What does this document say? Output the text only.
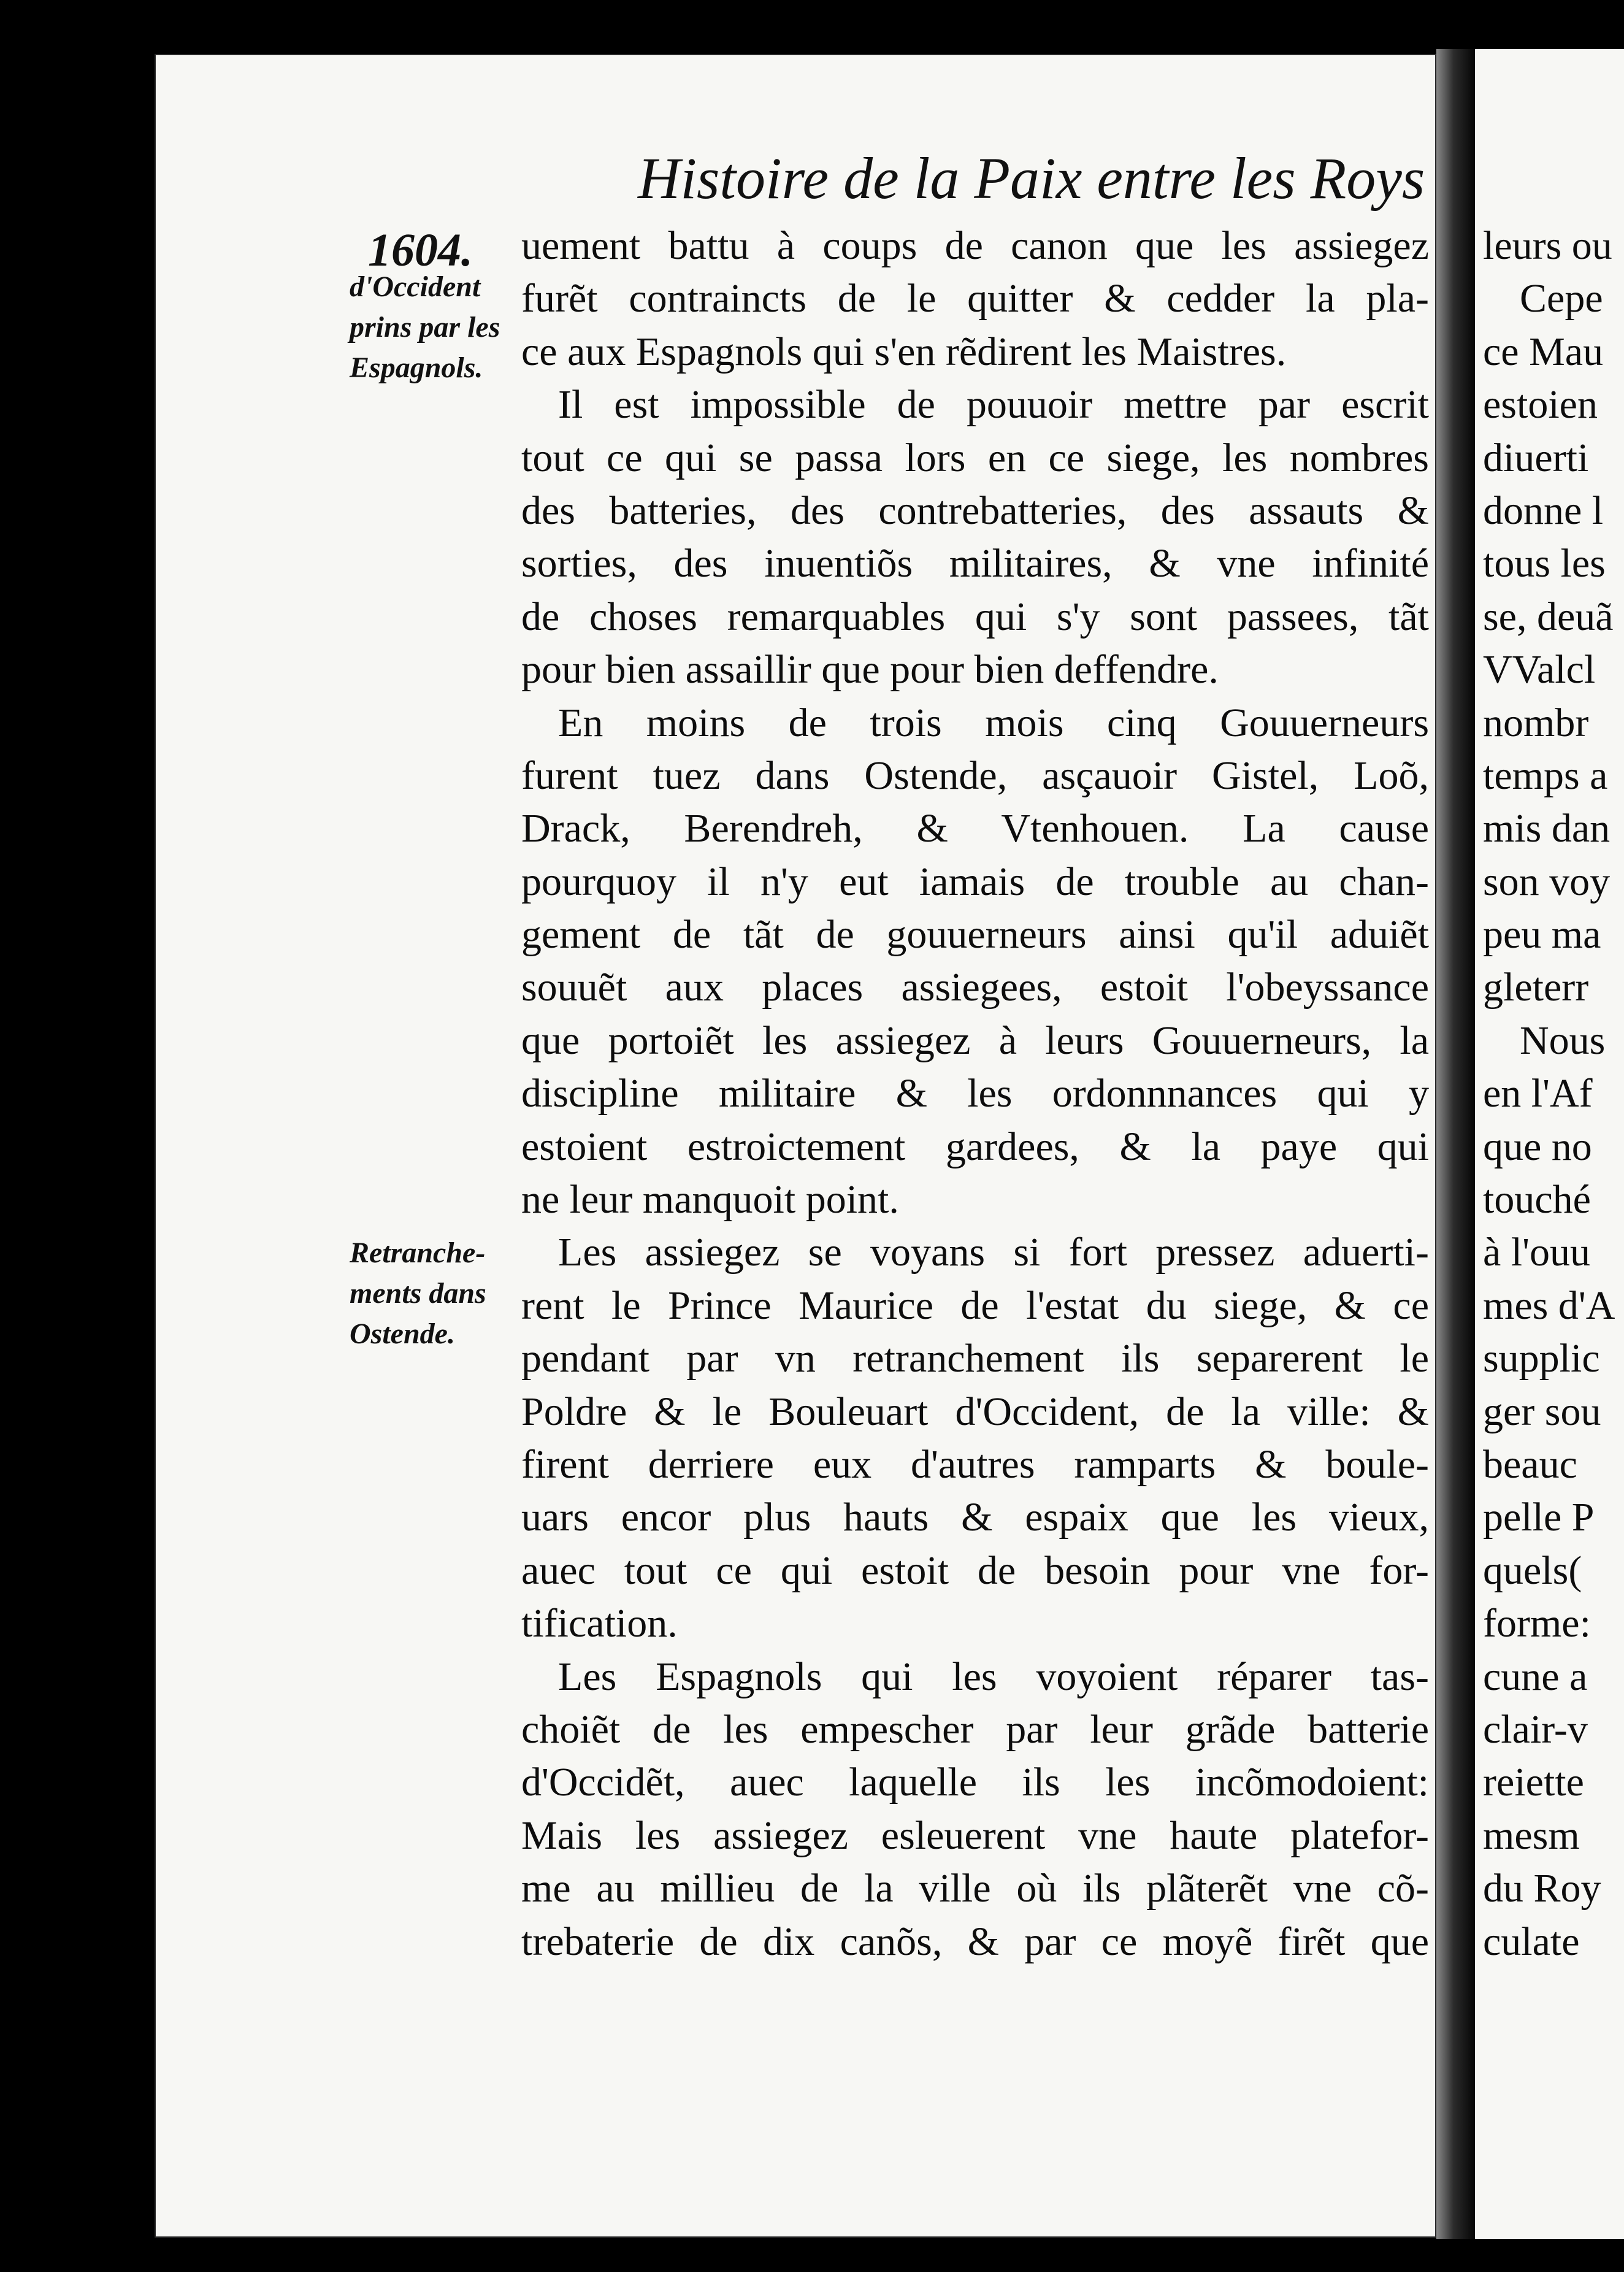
Histoire de la Paix entre les Roys
1604.
d'Occident
prins par les
Espagnols.
Retranche-
ments dans
Ostende.
uement battu à coups de canon que les assiegez
furẽt contraincts de le quitter & cedder la pla-
ce aux Espagnols qui s'en rẽdirent les Maistres.
Il est impossible de pouuoir mettre par escrit
tout ce qui se passa lors en ce siege, les nombres
des batteries, des contrebatteries, des assauts &
sorties, des inuentiõs militaires, & vne infinité
de choses remarquables qui s'y sont passees, tãt
pour bien assaillir que pour bien deffendre.
En moins de trois mois cinq Gouuerneurs
furent tuez dans Ostende, asçauoir Gistel, Loõ,
Drack, Berendreh, & Vtenhouen. La cause
pourquoy il n'y eut iamais de trouble au chan-
gement de tãt de gouuerneurs ainsi qu'il aduiẽt
souuẽt aux places assiegees, estoit l'obeyssance
que portoiẽt les assiegez à leurs Gouuerneurs, la
discipline militaire & les ordonnnances qui y
estoient estroictement gardees, & la paye qui
ne leur manquoit point.
Les assiegez se voyans si fort pressez aduerti-
rent le Prince Maurice de l'estat du siege, & ce
pendant par vn retranchement ils separerent le
Poldre & le Bouleuart d'Occident, de la ville: &
firent derriere eux d'autres ramparts & boule-
uars encor plus hauts & espaix que les vieux,
auec tout ce qui estoit de besoin pour vne for-
tification.
Les Espagnols qui les voyoient réparer tas-
choiẽt de les empescher par leur grãde batterie
d'Occidẽt, auec laquelle ils les incõmodoient:
Mais les assiegez esleuerent vne haute platefor-
me au millieu de la ville où ils plãterẽt vne cõ-
trebaterie de dix canõs, & par ce moyẽ firẽt que
leurs ou
Cepe
ce Mau
estoien
diuerti
donne l
tous les
se, deuã
VValcl
nombr
temps a
mis dan
son voy
peu ma
gleterr
Nous
en l'Af
que no
touché
à l'ouu
mes d'A
supplic
ger sou
beauc
pelle P
quels(
forme:
cune a
clair-v
reiette
mesm
du Roy
culate
